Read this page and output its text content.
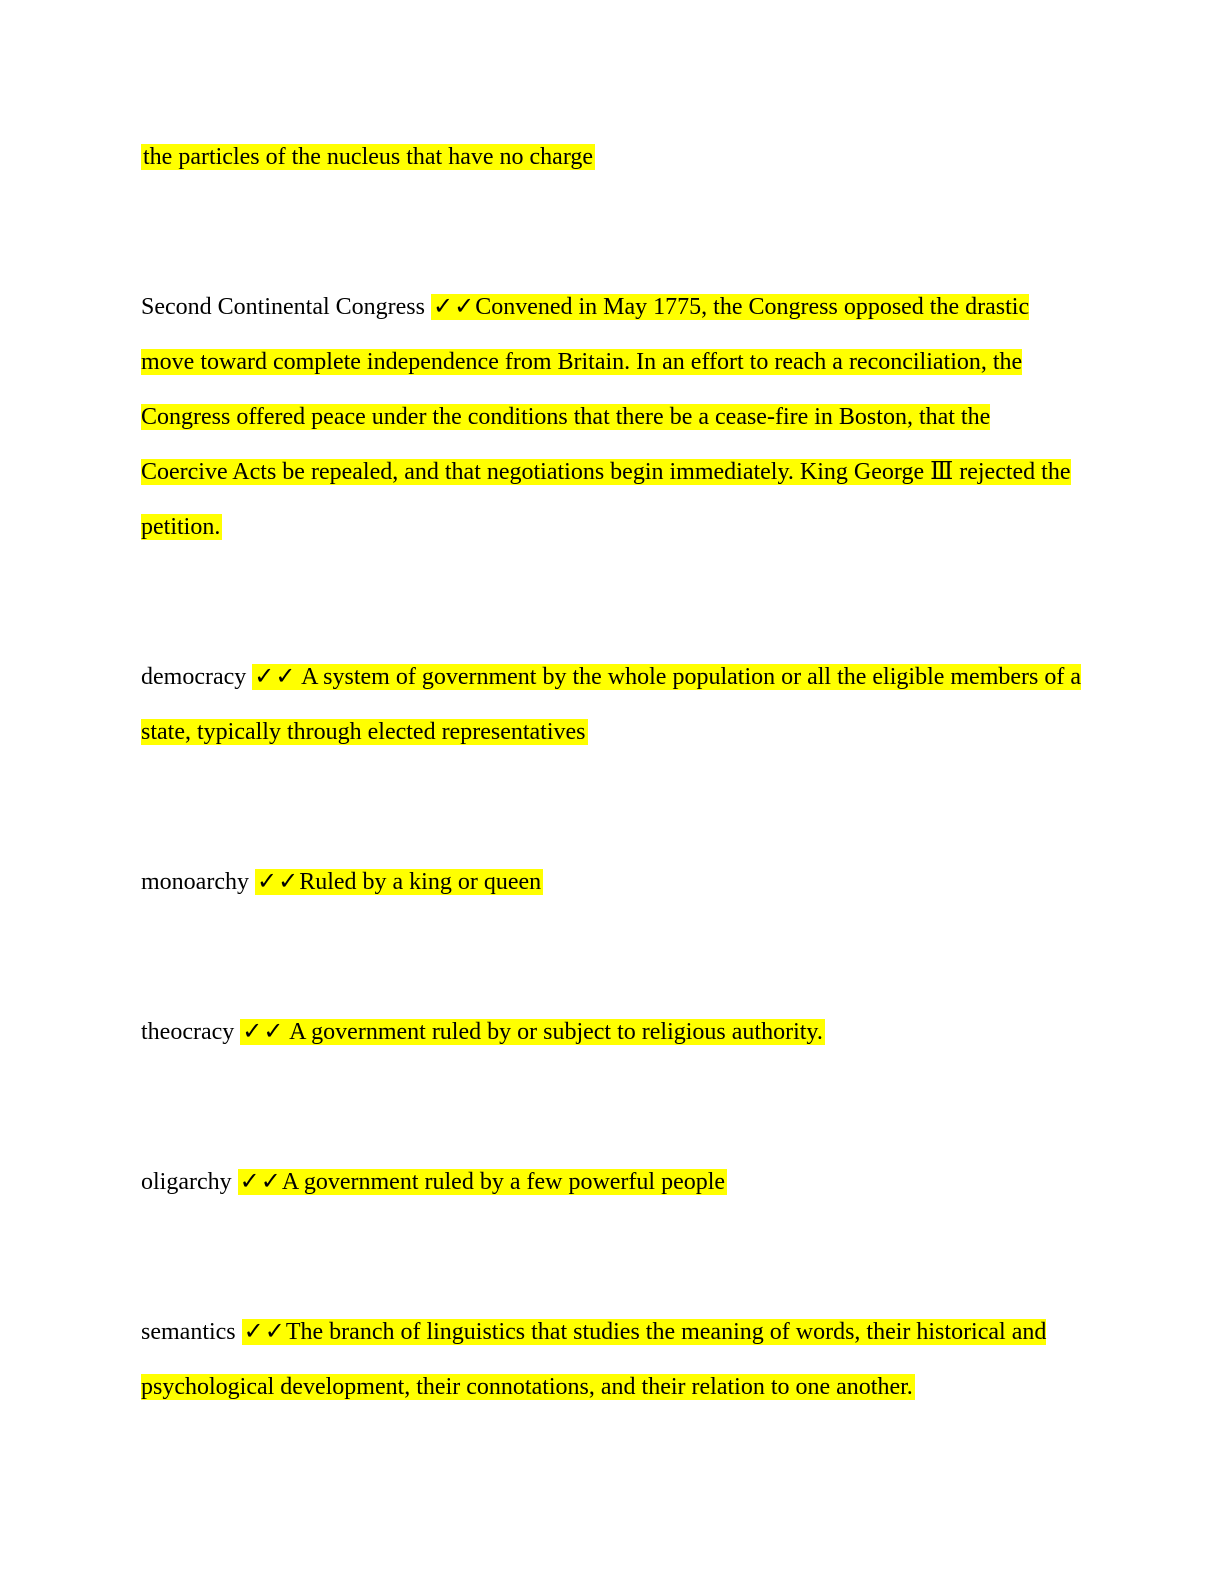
the particles of the nucleus that have no charge

Second Continental Congress ✓✓Convened in May 1775, the Congress opposed the drastic
move toward complete independence from Britain. In an effort to reach a reconciliation, the
Congress offered peace under the conditions that there be a cease-fire in Boston, that the
Coercive Acts be repealed, and that negotiations begin immediately. King George Ⅲ rejected the
petition.

democracy ✓✓ A system of government by the whole population or all the eligible members of a
state, typically through elected representatives

monoarchy ✓✓Ruled by a king or queen

theocracy ✓✓ A government ruled by or subject to religious authority.

oligarchy ✓✓A government ruled by a few powerful people

semantics ✓✓The branch of linguistics that studies the meaning of words, their historical and
psychological development, their connotations, and their relation to one another.
